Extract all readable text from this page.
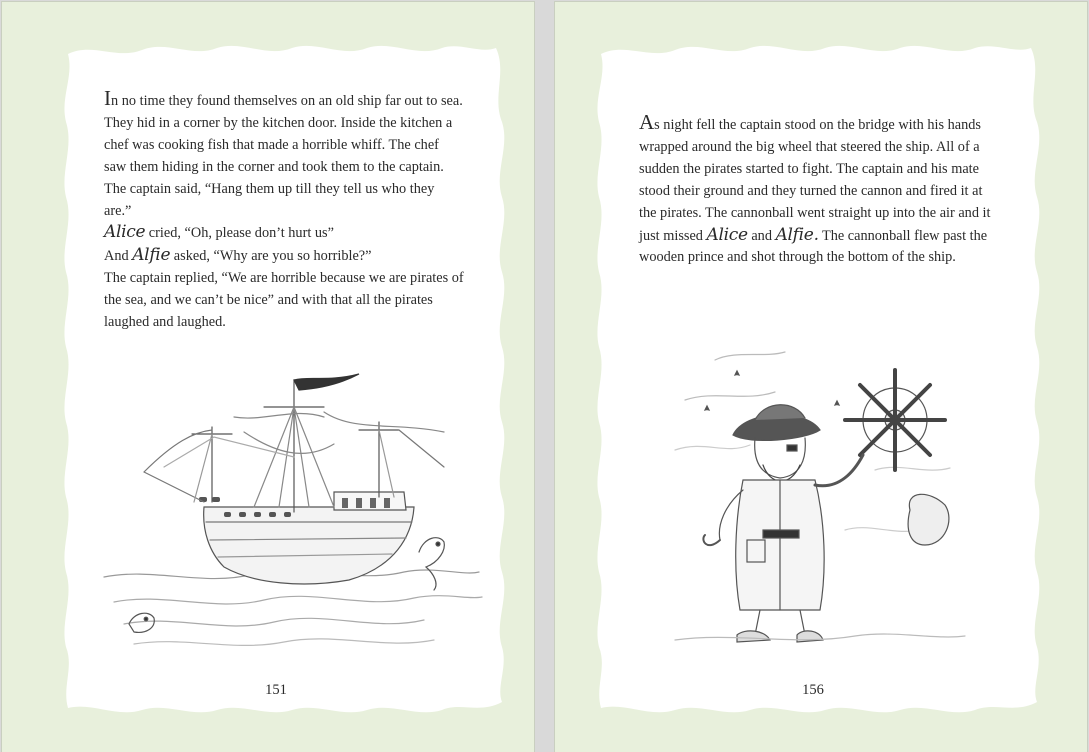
In no time they found themselves on an old ship far out to sea. They hid in a corner by the kitchen door. Inside the kitchen a chef was cooking fish that made a horrible whiff. The chef saw them hiding in the corner and took them to the captain. The captain said, “Hang them up till they tell us who they are.”

Alice cried, “Oh, please don’t hurt us”

And Alfie asked, “Why are you so horrible?”

The captain replied, “We are horrible because we are pirates of the sea, and we can’t be nice” and with that all the pirates laughed and laughed.

151

As night fell the captain stood on the bridge with his hands wrapped around the big wheel that steered the ship. All of a sudden the pirates started to fight. The captain and his mate stood their ground and they turned the cannon and fired it at the pirates. The cannonball went straight up into the air and it just missed Alice and Alfie. The cannonball flew past the wooden prince and shot through the bottom of the ship.

156
